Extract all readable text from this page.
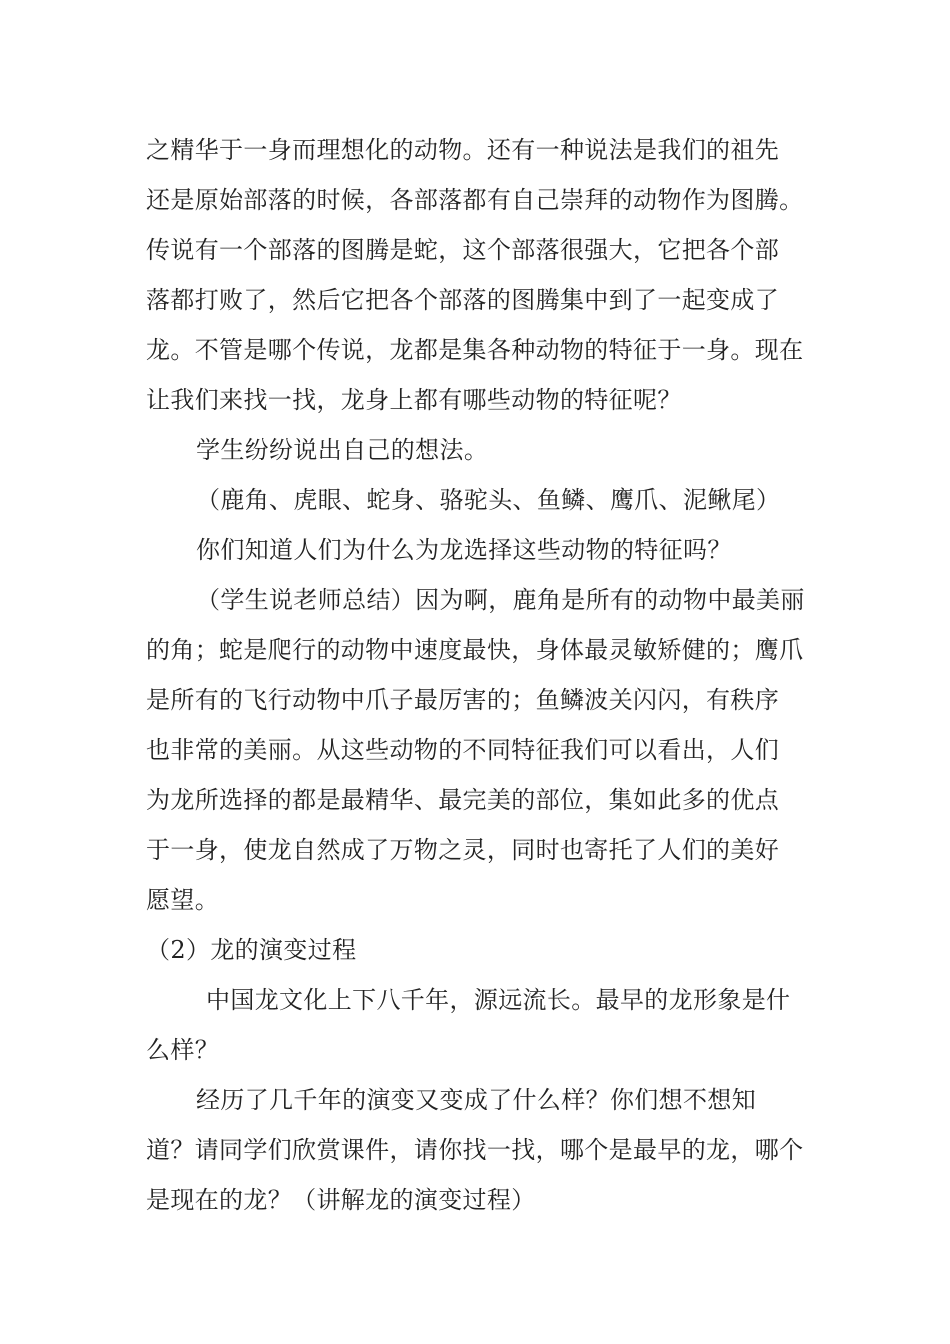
之精华于一身而理想化的动物。还有一种说法是我们的祖先
还是原始部落的时候，各部落都有自己崇拜的动物作为图腾。
传说有一个部落的图腾是蛇，这个部落很强大，它把各个部
落都打败了，然后它把各个部落的图腾集中到了一起变成了
龙。不管是哪个传说，龙都是集各种动物的特征于一身。现在
让我们来找一找，龙身上都有哪些动物的特征呢？
学生纷纷说出自己的想法。
（鹿角、虎眼、蛇身、骆驼头、鱼鳞、鹰爪、泥鳅尾）
你们知道人们为什么为龙选择这些动物的特征吗？
（学生说老师总结）因为啊，鹿角是所有的动物中最美丽
的角；蛇是爬行的动物中速度最快，身体最灵敏矫健的；鹰爪
是所有的飞行动物中爪子最厉害的；鱼鳞波关闪闪，有秩序
也非常的美丽。从这些动物的不同特征我们可以看出，人们
为龙所选择的都是最精华、最完美的部位，集如此多的优点
于一身，使龙自然成了万物之灵，同时也寄托了人们的美好
愿望。
（2）龙的演变过程
中国龙文化上下八千年，源远流长。最早的龙形象是什
么样？
经历了几千年的演变又变成了什么样？你们想不想知
道？请同学们欣赏课件，请你找一找，哪个是最早的龙，哪个
是现在的龙？（讲解龙的演变过程）
